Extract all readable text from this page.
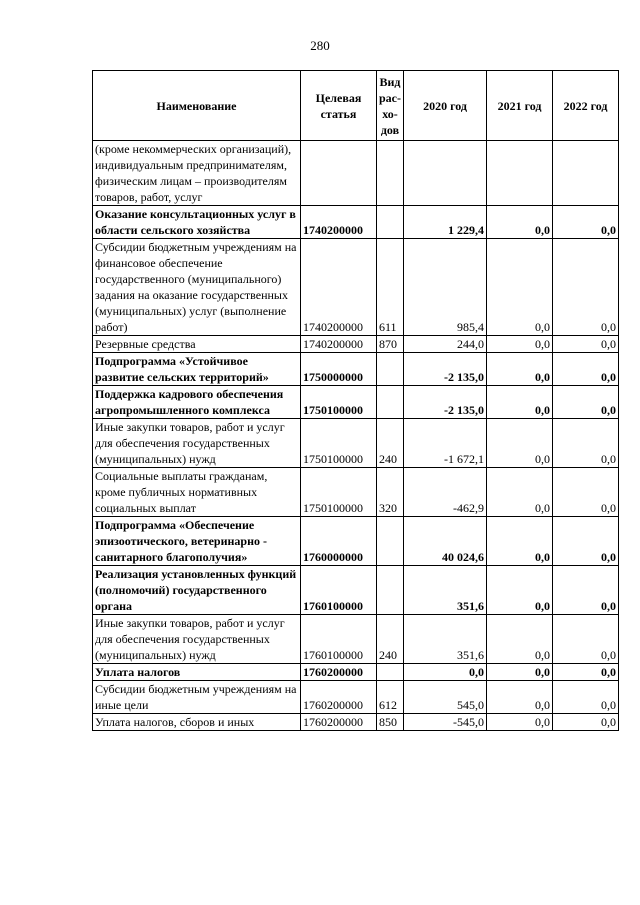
280
Наименование	Целевая статья	Вид рас-хо-дов	2020 год	2021 год	2022 год
(кроме некоммерческих организаций), индивидуальным предпринимателям, физическим лицам – производителям товаров, работ, услуг					
Оказание консультационных услуг в области сельского хозяйства	1740200000		1 229,4	0,0	0,0
Субсидии бюджетным учреждениям на финансовое обеспечение государственного (муниципального) задания на оказание государственных (муниципальных) услуг (выполнение работ)	1740200000	611	985,4	0,0	0,0
Резервные средства	1740200000	870	244,0	0,0	0,0
Подпрограмма «Устойчивое развитие сельских территорий»	1750000000		-2 135,0	0,0	0,0
Поддержка кадрового обеспечения агропромышленного комплекса	1750100000		-2 135,0	0,0	0,0
Иные закупки товаров, работ и услуг для обеспечения государственных (муниципальных) нужд	1750100000	240	-1 672,1	0,0	0,0
Социальные выплаты гражданам, кроме публичных нормативных социальных выплат	1750100000	320	-462,9	0,0	0,0
Подпрограмма «Обеспечение эпизоотического, ветеринарно - санитарного благополучия»	1760000000		40 024,6	0,0	0,0
Реализация установленных функций (полномочий) государственного органа	1760100000		351,6	0,0	0,0
Иные закупки товаров, работ и услуг для обеспечения государственных (муниципальных) нужд	1760100000	240	351,6	0,0	0,0
Уплата налогов	1760200000		0,0	0,0	0,0
Субсидии бюджетным учреждениям на иные цели	1760200000	612	545,0	0,0	0,0
Уплата налогов, сборов и иных	1760200000	850	-545,0	0,0	0,0
